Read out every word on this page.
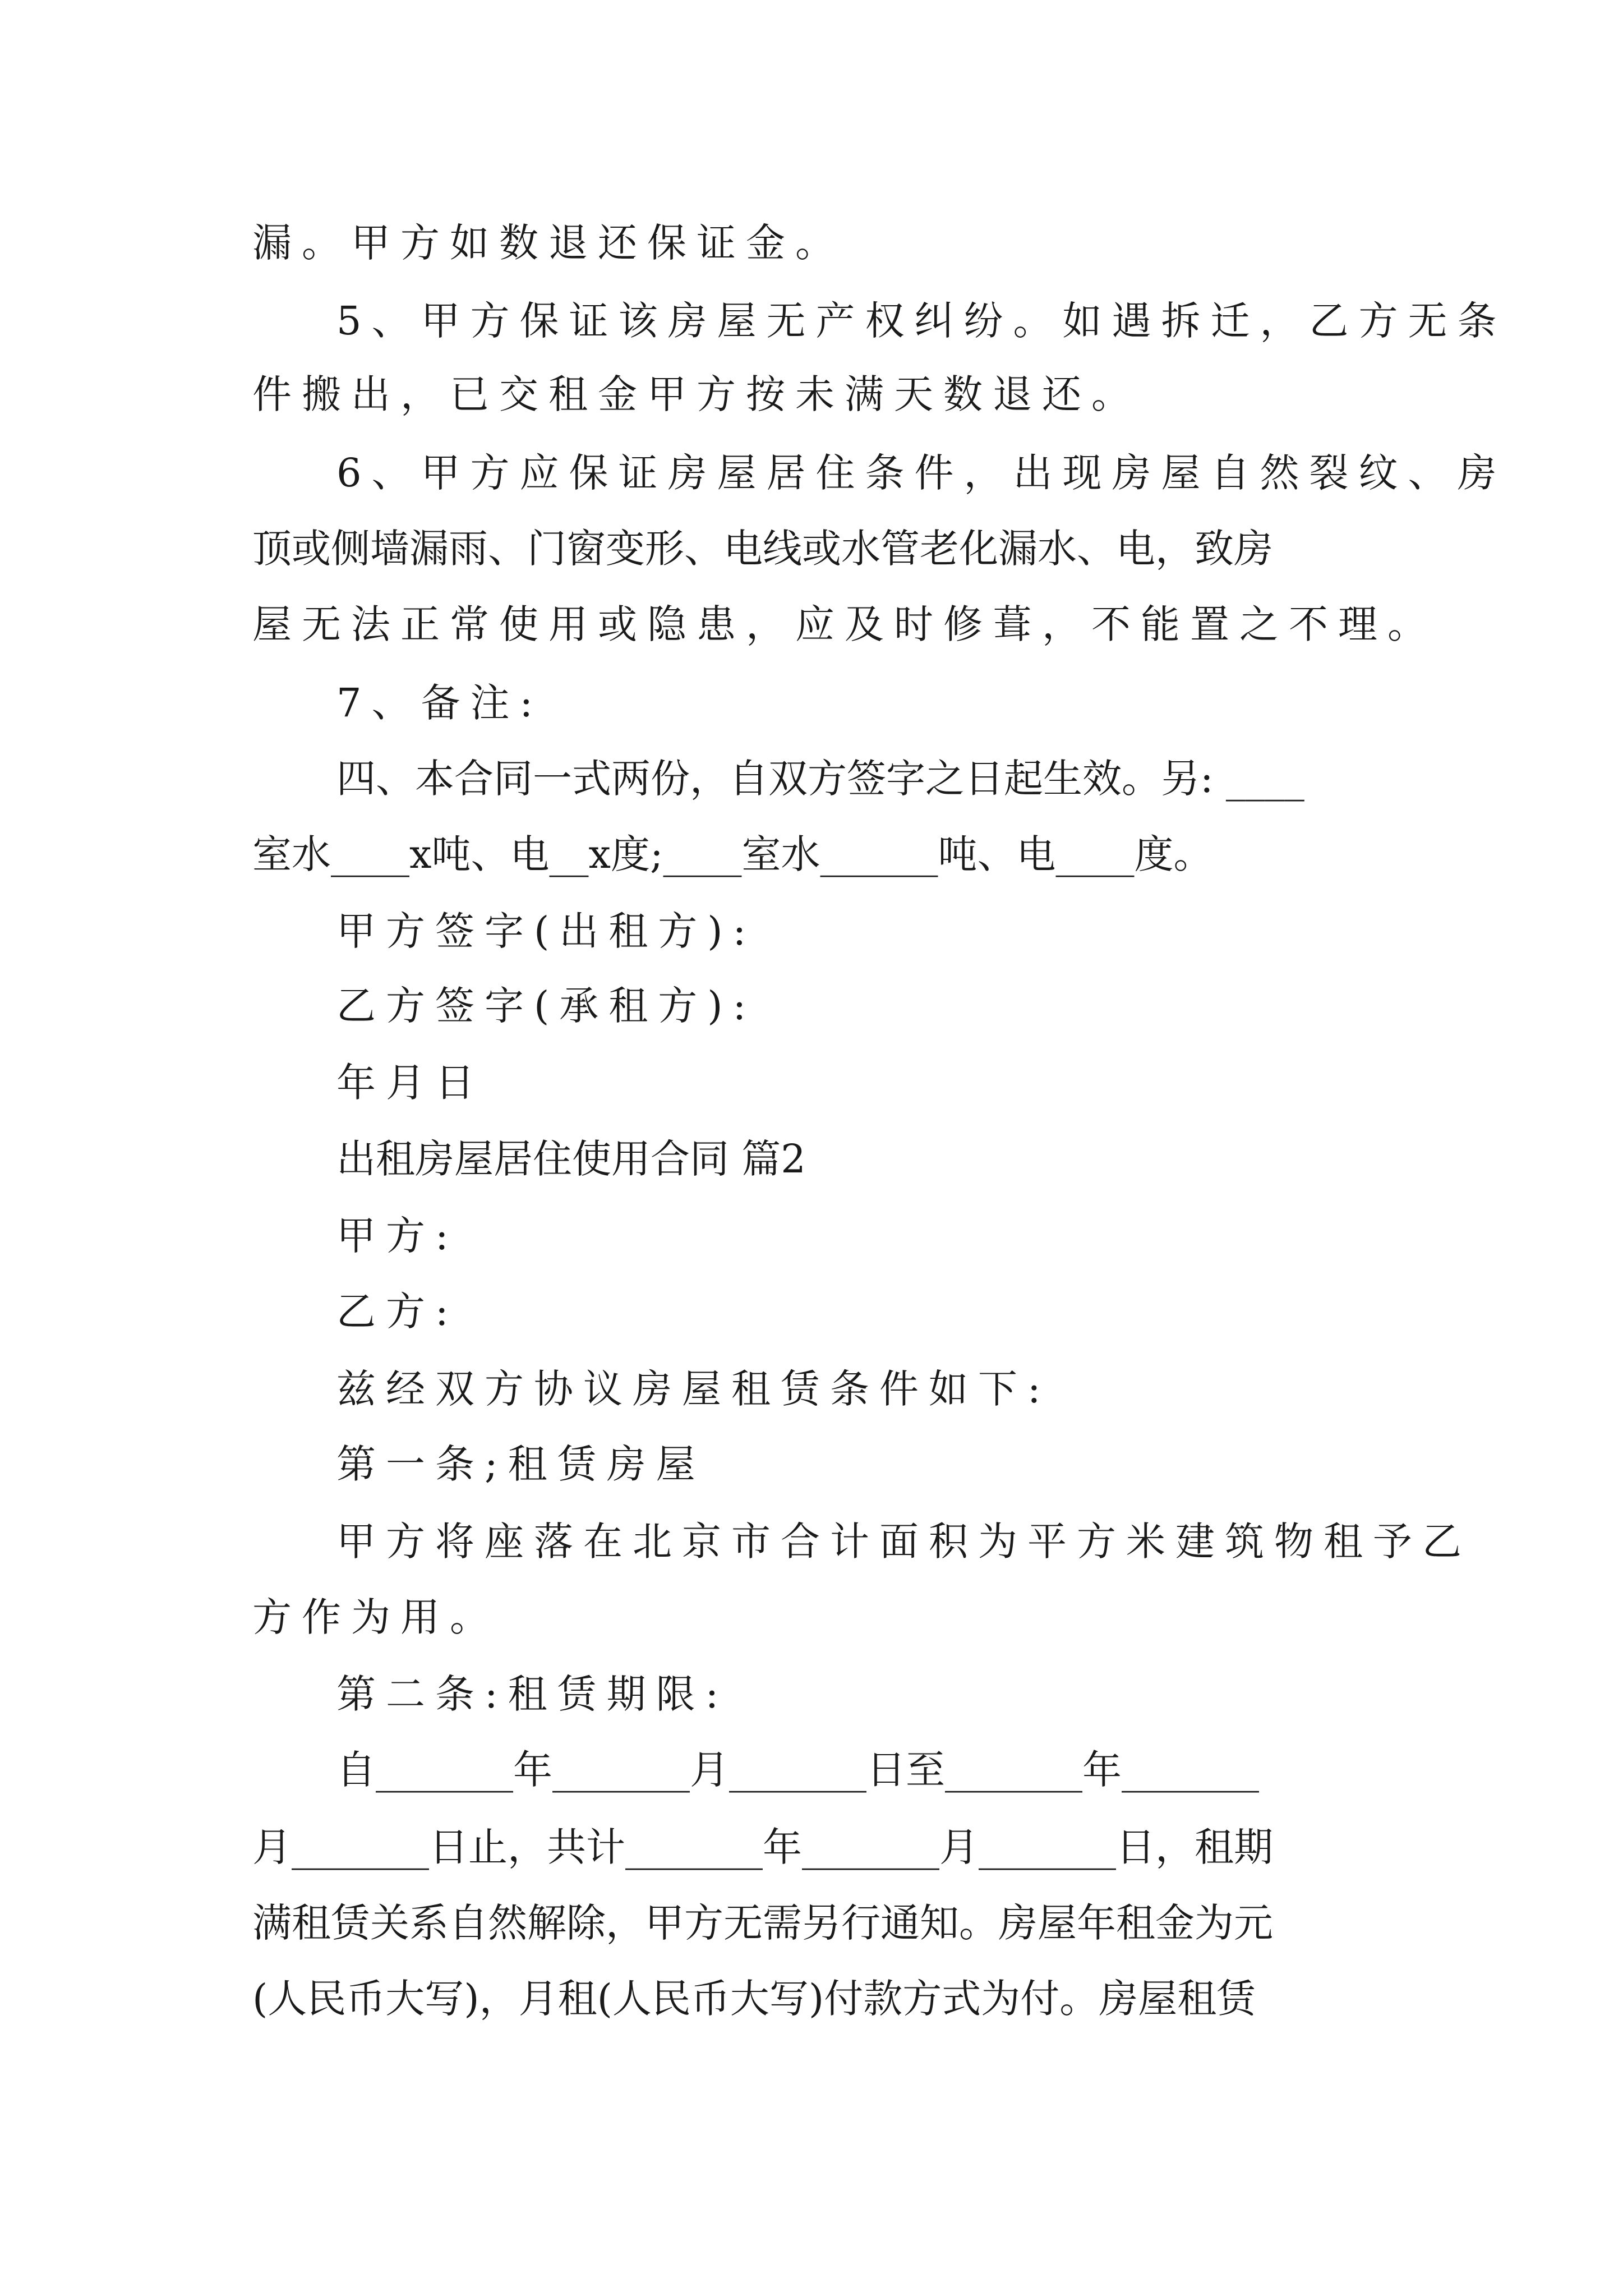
漏。甲方如数退还保证金。

5、甲方保证该房屋无产权纠纷。如遇拆迁，乙方无条

件搬出，已交租金甲方按未满天数退还。

6、甲方应保证房屋居住条件，出现房屋自然裂纹、房

顶或侧墙漏雨、门窗变形、电线或水管老化漏水、电，致房

屋无法正常使用或隐患，应及时修葺，不能置之不理。

7、备注:

四、本合同一式两份，自双方签字之日起生效。另: ____

室水____x吨、电__x度;____室水______吨、电____度。

甲方签字(出租方):

乙方签字(承租方):

年月日

出租房屋居住使用合同 篇2

甲方:

乙方:

兹经双方协议房屋租赁条件如下:

第一条;租赁房屋

甲方将座落在北京市合计面积为平方米建筑物租予乙

方作为用。

第二条:租赁期限:

自_______年_______月_______日至_______年_______

月_______日止，共计_______年_______月_______日，租期

满租赁关系自然解除，甲方无需另行通知。房屋年租金为元

(人民币大写)，月租(人民币大写)付款方式为付。房屋租赁
